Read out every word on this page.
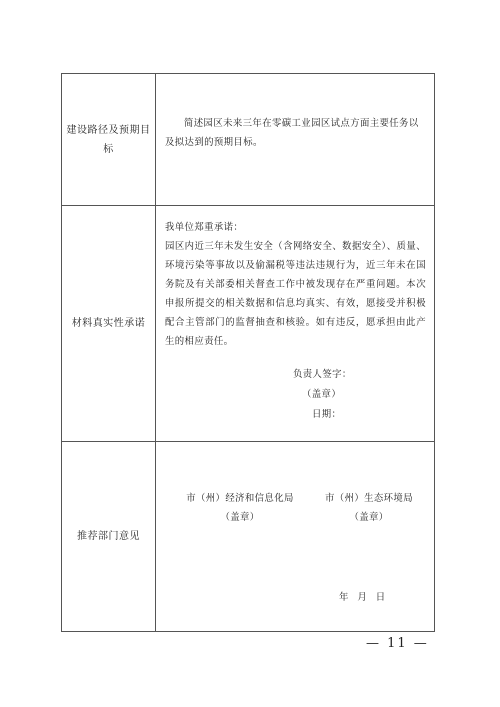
建设路径及预期目标	简述园区未来三年在零碳工业园区试点方面主要任务以及拟达到的预期目标。

材料真实性承诺	我单位郑重承诺：
园区内近三年未发生安全（含网络安全、数据安全）、质量、环境污染等事故以及偷漏税等违法违规行为，近三年未在国务院及有关部委相关督查工作中被发现存在严重问题。本次申报所提交的相关数据和信息均真实、有效，愿接受并积极配合主管部门的监督抽查和核验。如有违反，愿承担由此产生的相应责任。
负责人签字：
（盖章）
日期：

推荐部门意见	市（州）经济和信息化局
（盖章）
市（州）生态环境局
（盖章）
年 月 日
— 11 —
